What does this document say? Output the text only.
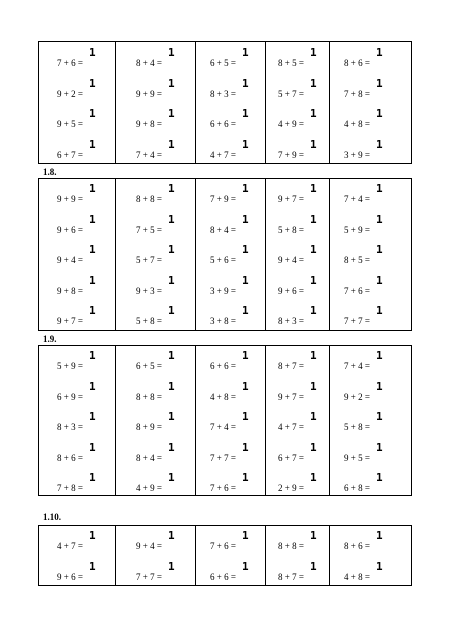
7 + 6 =
1
9 + 2 =
1
9 + 5 =
1
6 + 7 =
1
8 + 4 =
1
9 + 9 =
1
9 + 8 =
1
7 + 4 =
1
6 + 5 =
1
8 + 3 =
1
6 + 6 =
1
4 + 7 =
1
8 + 5 =
1
5 + 7 =
1
4 + 9 =
1
7 + 9 =
1
8 + 6 =
1
7 + 8 =
1
4 + 8 =
1
3 + 9 =
1
1.8.
9 + 9 =
1
9 + 6 =
1
9 + 4 =
1
9 + 8 =
1
9 + 7 =
1
8 + 8 =
1
7 + 5 =
1
5 + 7 =
1
9 + 3 =
1
5 + 8 =
1
7 + 9 =
1
8 + 4 =
1
5 + 6 =
1
3 + 9 =
1
3 + 8 =
1
9 + 7 =
1
5 + 8 =
1
9 + 4 =
1
9 + 6 =
1
8 + 3 =
1
7 + 4 =
1
5 + 9 =
1
8 + 5 =
1
7 + 6 =
1
7 + 7 =
1
1.9.
5 + 9 =
1
6 + 9 =
1
8 + 3 =
1
8 + 6 =
1
7 + 8 =
1
6 + 5 =
1
8 + 8 =
1
8 + 9 =
1
8 + 4 =
1
4 + 9 =
1
6 + 6 =
1
4 + 8 =
1
7 + 4 =
1
7 + 7 =
1
7 + 6 =
1
8 + 7 =
1
9 + 7 =
1
4 + 7 =
1
6 + 7 =
1
2 + 9 =
1
7 + 4 =
1
9 + 2 =
1
5 + 8 =
1
9 + 5 =
1
6 + 8 =
1
1.10.
4 + 7 =
1
9 + 6 =
1
9 + 4 =
1
7 + 7 =
1
7 + 6 =
1
6 + 6 =
1
8 + 8 =
1
8 + 7 =
1
8 + 6 =
1
4 + 8 =
1
